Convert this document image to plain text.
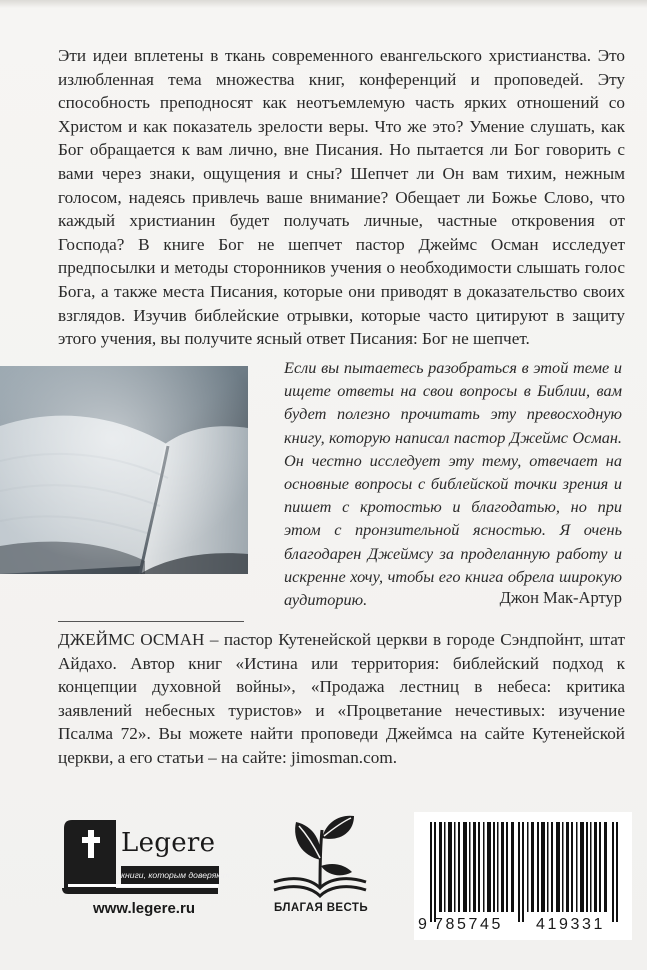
Эти идеи вплетены в ткань современного евангельского христианства. Это излюбленная тема множества книг, конференций и проповедей. Эту способность преподносят как неотъемлемую часть ярких отношений со Христом и как показатель зрелости веры. Что же это? Умение слушать, как Бог обращается к вам лично, вне Писания. Но пытается ли Бог говорить с вами через знаки, ощущения и сны? Шепчет ли Он вам тихим, нежным голосом, надеясь привлечь ваше внимание? Обещает ли Божье Слово, что каждый христианин будет получать личные, частные откровения от Господа? В книге Бог не шепчет пастор Джеймс Осман исследует предпосылки и методы сторонников учения о необходимости слышать голос Бога, а также места Писания, которые они приводят в доказательство своих взглядов. Изучив библейские отрывки, которые часто цитируют в защиту этого учения, вы получите ясный ответ Писания: Бог не шепчет.

Если вы пытаетесь разобраться в этой теме и ищете ответы на свои вопросы в Библии, вам будет полезно прочитать эту превосходную книгу, которую написал пастор Джеймс Осман. Он честно исследует эту тему, отвечает на основные вопросы с библейской точки зрения и пишет с кротостью и благодатью, но при этом с пронзительной ясностью. Я очень благодарен Джеймсу за проделанную работу и искренне хочу, чтобы его книга обрела широкую аудиторию.	Джон Мак-Артур

ДЖЕЙМС ОСМАН – пастор Кутенейской церкви в городе Сэндпойнт, штат Айдахо. Автор книг «Истина или территория: библейский подход к концепции духовной войны», «Продажа лестниц в небеса: критика заявлений небесных туристов» и «Процветание нечестивых: изучение Псалма 72». Вы можете найти проповеди Джеймса на сайте Кутенейской церкви, а его статьи – на сайте: jimosman.com.

Legere

книги, которым доверяют

www.legere.ru	БЛАГАЯ ВЕСТЬ

9 785745	419331
